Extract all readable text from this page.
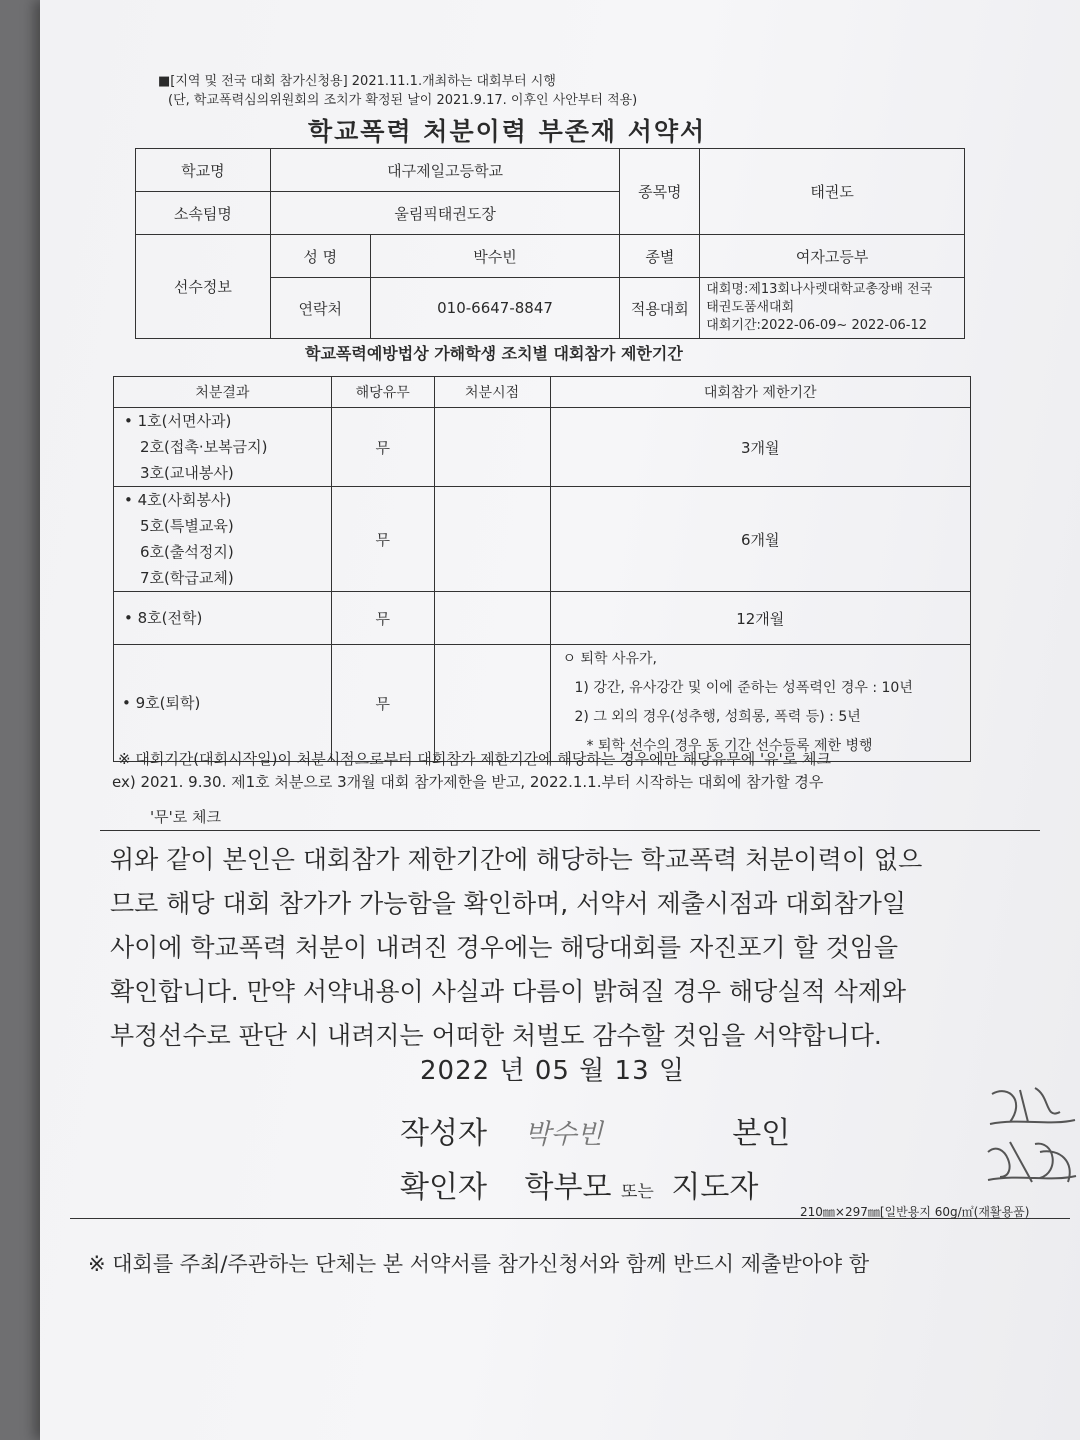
■[지역 및 전국 대회 참가신청용] 2021.11.1.개최하는 대회부터 시행
(단, 학교폭력심의위원회의 조치가 확정된 날이 2021.9.17. 이후인 사안부터 적용)
학교폭력 처분이력 부존재 서약서
학교명	대구제일고등학교		종목명	태권도
소속팀명	울림픽태권도장			
선수정보	성 명	박수빈	종별	여자고등부
	연락처	010-6647-8847	적용대회	대회명:제13회나사렛대학교총장배 전국
태권도품새대회
대회기간:2022-06-09~ 2022-06-12
학교폭력예방법상 가해학생 조치별 대회참가 제한기간
처분결과	해당유무	처분시점	대회참가 제한기간

• 1호(서면사과)
2호(접촉·보복금지)
3호(교내봉사)	무		3개월

• 4호(사회봉사)
5호(특별교육)
6호(출석정지)
7호(학급교체)	무		6개월

• 8호(전학)	무		12개월

• 9호(퇴학)	무		ㅇ 퇴학 사유가,
1) 강간, 유사강간 및 이에 준하는 성폭력인 경우 : 10년
2) 그 외의 경우(성추행, 성희롱, 폭력 등) : 5년
* 퇴학 선수의 경우 동 기간 선수등록 제한 병행
※ 대회기간(대회시작일)이 처분시점으로부터 대회참가 제한기간에 해당하는 경우에만 해당유무에 '유'로 체크
ex) 2021. 9.30. 제1호 처분으로 3개월 대회 참가제한을 받고, 2022.1.1.부터 시작하는 대회에 참가할 경우
'무'로 체크
위와 같이 본인은 대회참가 제한기간에 해당하는 학교폭력 처분이력이 없으
므로 해당 대회 참가가 가능함을 확인하며, 서약서 제출시점과 대회참가일
사이에 학교폭력 처분이 내려진 경우에는 해당대회를 자진포기 할 것임을
확인합니다. 만약 서약내용이 사실과 다름이 밝혀질 경우 해당실적 삭제와
부정선수로 판단 시 내려지는 어떠한 처벌도 감수할 것임을 서약합니다.
2022 년 05 월 13 일
작성자 박수빈	본인
확인자 학부모 또는 지도자
210㎜×297㎜[일반용지 60g/㎡(재활용품)
※ 대회를 주최/주관하는 단체는 본 서약서를 참가신청서와 함께 반드시 제출받아야 함
